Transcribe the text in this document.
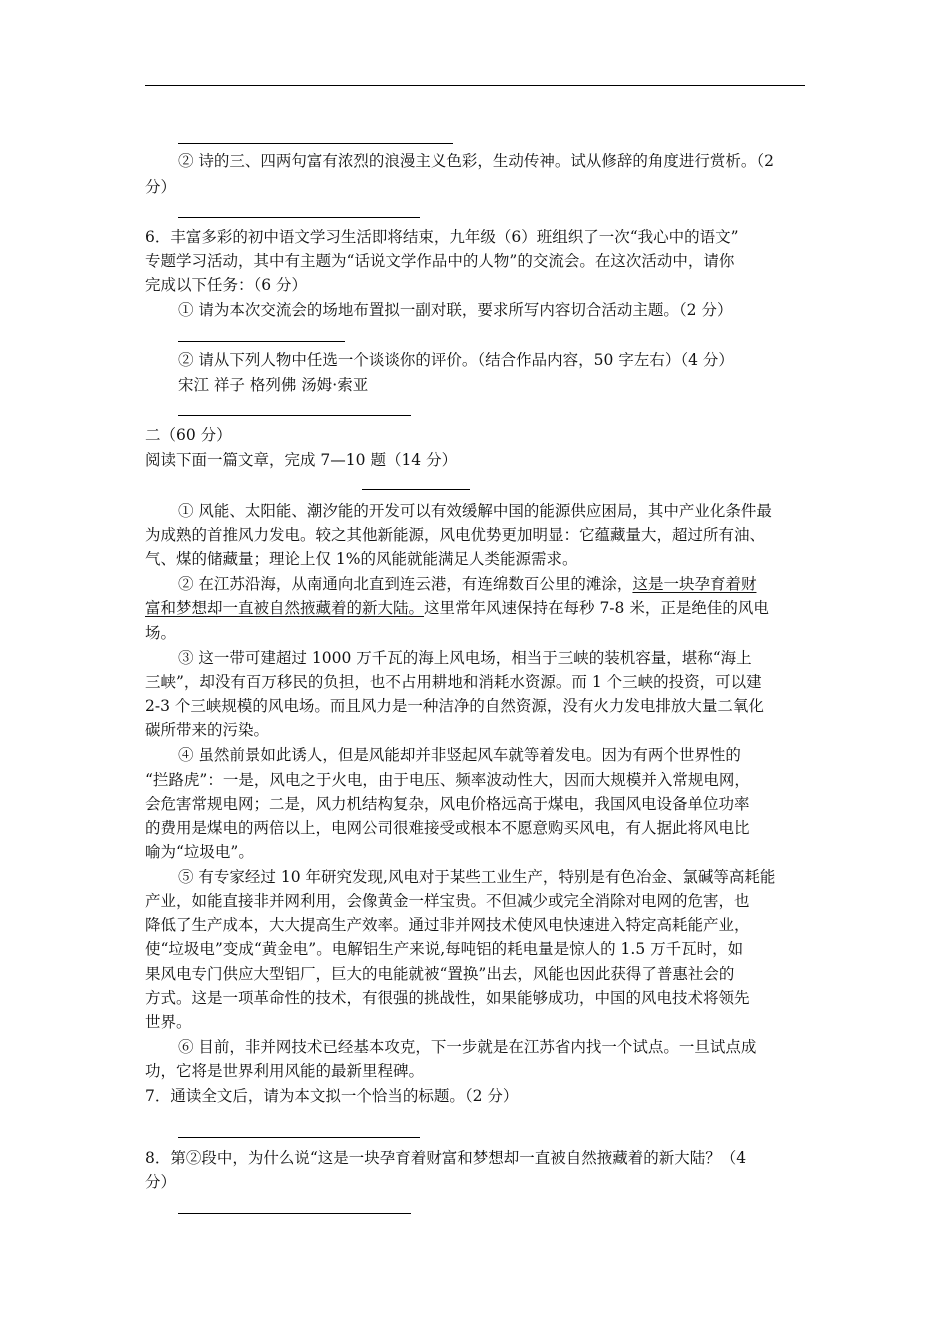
② 诗的三、四两句富有浓烈的浪漫主义色彩，生动传神。试从修辞的角度进行赏析。（2
分）
6．丰富多彩的初中语文学习生活即将结束，九年级（6）班组织了一次“我心中的语文”
专题学习活动，其中有主题为“话说文学作品中的人物”的交流会。在这次活动中，请你
完成以下任务：（6 分）
① 请为本次交流会的场地布置拟一副对联，要求所写内容切合活动主题。（2 分）
② 请从下列人物中任选一个谈谈你的评价。（结合作品内容，50 字左右）（4 分）
宋江 祥子 格列佛 汤姆·索亚
二（60 分）
阅读下面一篇文章，完成 7—10 题（14 分）
① 风能、太阳能、潮汐能的开发可以有效缓解中国的能源供应困局，其中产业化条件最
为成熟的首推风力发电。较之其他新能源，风电优势更加明显：它蕴藏量大，超过所有油、
气、煤的储藏量；理论上仅 1%的风能就能满足人类能源需求。
② 在江苏沿海，从南通向北直到连云港，有连绵数百公里的滩涂，这是一块孕育着财
富和梦想却一直被自然掖藏着的新大陆。这里常年风速保持在每秒 7-8 米，正是绝佳的风电
场。
③ 这一带可建超过 1000 万千瓦的海上风电场，相当于三峡的装机容量，堪称“海上
三峡”，却没有百万移民的负担，也不占用耕地和消耗水资源。而 1 个三峡的投资，可以建
2-3 个三峡规模的风电场。而且风力是一种洁净的自然资源，没有火力发电排放大量二氧化
碳所带来的污染。
④ 虽然前景如此诱人，但是风能却并非竖起风车就等着发电。因为有两个世界性的
“拦路虎”：一是，风电之于火电，由于电压、频率波动性大，因而大规模并入常规电网，
会危害常规电网；二是，风力机结构复杂，风电价格远高于煤电，我国风电设备单位功率
的费用是煤电的两倍以上，电网公司很难接受或根本不愿意购买风电，有人据此将风电比
喻为“垃圾电”。
⑤ 有专家经过 10 年研究发现,风电对于某些工业生产，特别是有色冶金、氯碱等高耗能
产业，如能直接非并网利用，会像黄金一样宝贵。不但减少或完全消除对电网的危害，也
降低了生产成本，大大提高生产效率。通过非并网技术使风电快速进入特定高耗能产业，
使“垃圾电”变成“黄金电”。电解铝生产来说,每吨铝的耗电量是惊人的 1.5 万千瓦时，如
果风电专门供应大型铝厂，巨大的电能就被“置换”出去，风能也因此获得了普惠社会的
方式。这是一项革命性的技术，有很强的挑战性，如果能够成功，中国的风电技术将领先
世界。
⑥ 目前，非并网技术已经基本攻克，下一步就是在江苏省内找一个试点。一旦试点成
功，它将是世界利用风能的最新里程碑。
7．通读全文后，请为本文拟一个恰当的标题。（2 分）
8．第②段中，为什么说“这是一块孕育着财富和梦想却一直被自然掖藏着的新大陆？（4
分）
